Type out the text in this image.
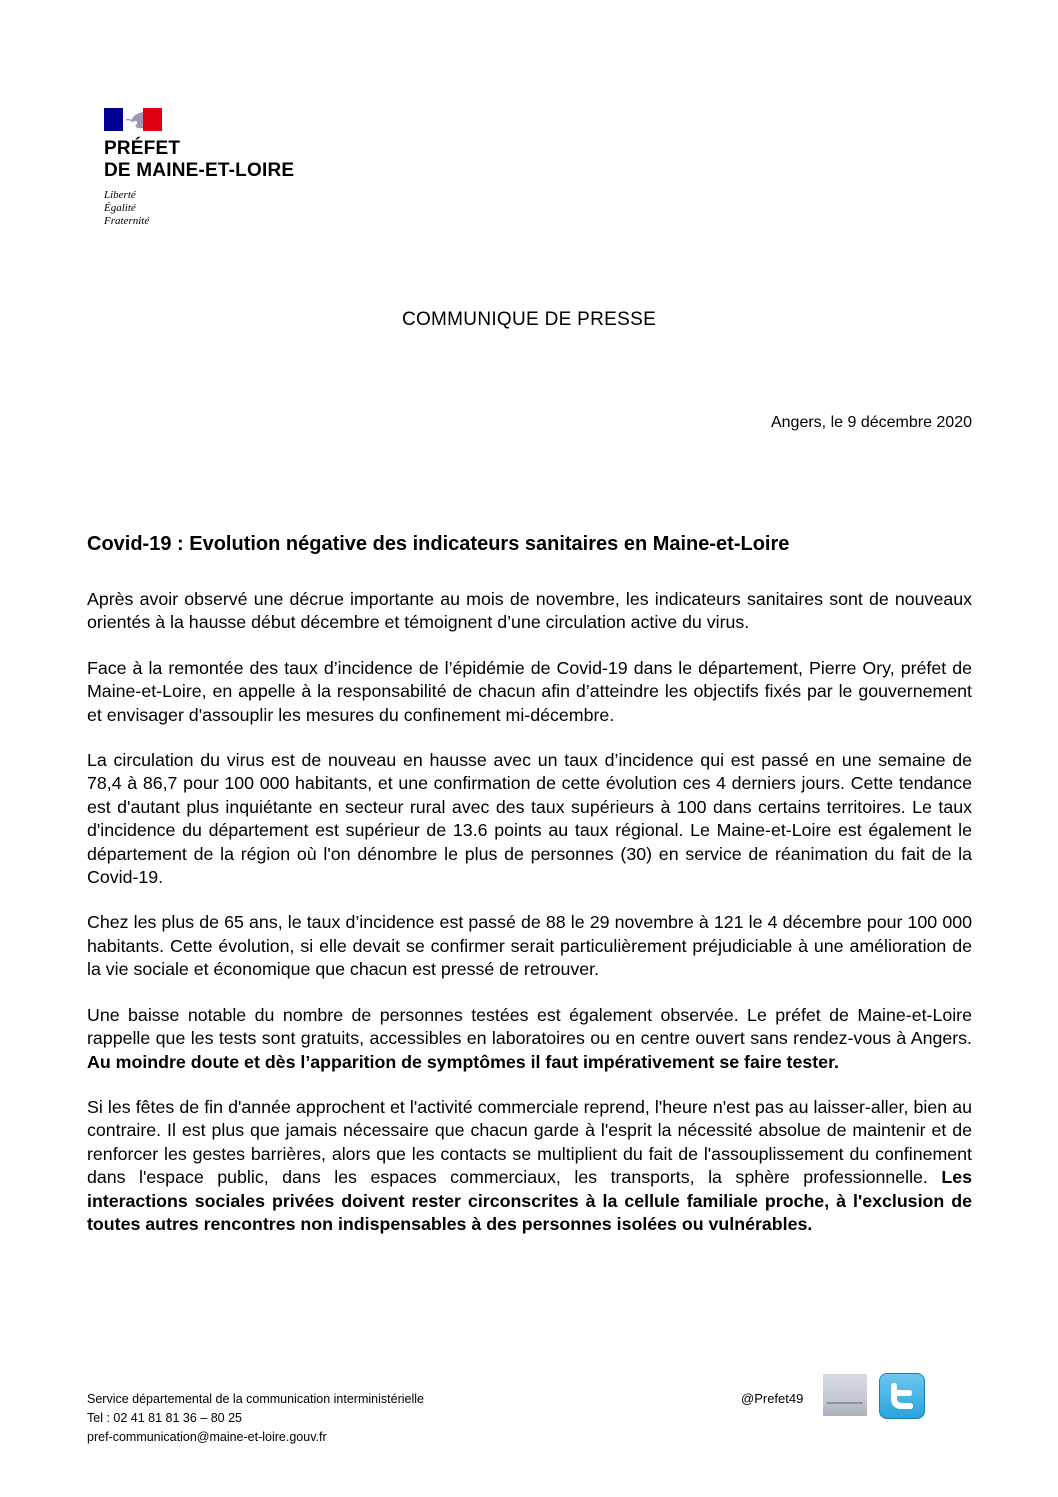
PRÉFET
DE MAINE-ET-LOIRE
Liberté
Égalité
Fraternité
COMMUNIQUE DE PRESSE
Angers, le 9 décembre 2020
Covid-19 : Evolution négative des indicateurs sanitaires en Maine-et-Loire

Après avoir observé une décrue importante au mois de novembre, les indicateurs sanitaires sont de nouveaux orientés à la hausse début décembre et témoignent d’une circulation active du virus.

Face à la remontée des taux d’incidence de l’épidémie de Covid-19 dans le département, Pierre Ory, préfet de Maine-et-Loire, en appelle à la responsabilité de chacun afin d’atteindre les objectifs fixés par le gouvernement et envisager d'assouplir les mesures du confinement mi-décembre.

La circulation du virus est de nouveau en hausse avec un taux d’incidence qui est passé en une semaine de 78,4 à 86,7 pour 100 000 habitants, et une confirmation de cette évolution ces 4 derniers jours. Cette tendance est d'autant plus inquiétante en secteur rural avec des taux supérieurs à 100 dans certains territoires. Le taux d'incidence du département est supérieur de 13.6 points au taux régional. Le Maine-et-Loire est également le département de la région où l'on dénombre le plus de personnes (30) en service de réanimation du fait de la Covid-19.

Chez les plus de 65 ans, le taux d’incidence est passé de 88 le 29 novembre à 121 le 4 décembre pour 100 000 habitants. Cette évolution, si elle devait se confirmer serait particulièrement préjudiciable à une amélioration de la vie sociale et économique que chacun est pressé de retrouver.

Une baisse notable du nombre de personnes testées est également observée. Le préfet de Maine-et-Loire rappelle que les tests sont gratuits, accessibles en laboratoires ou en centre ouvert sans rendez-vous à Angers. Au moindre doute et dès l’apparition de symptômes il faut impérativement se faire tester.

Si les fêtes de fin d'année approchent et l'activité commerciale reprend, l'heure n'est pas au laisser-aller, bien au contraire. Il est plus que jamais nécessaire que chacun garde à l'esprit la nécessité absolue de maintenir et de renforcer les gestes barrières, alors que les contacts se multiplient du fait de l'assouplissement du confinement dans l'espace public, dans les espaces commerciaux, les transports, la sphère professionnelle. Les interactions sociales privées doivent rester circonscrites à la cellule familiale proche, à l'exclusion de toutes autres rencontres non indispensables à des personnes isolées ou vulnérables.

Service départemental de la communication interministérielle
Tel : 02 41 81 81 36 – 80 25
pref-communication@maine-et-loire.gouv.fr
@Prefet49
